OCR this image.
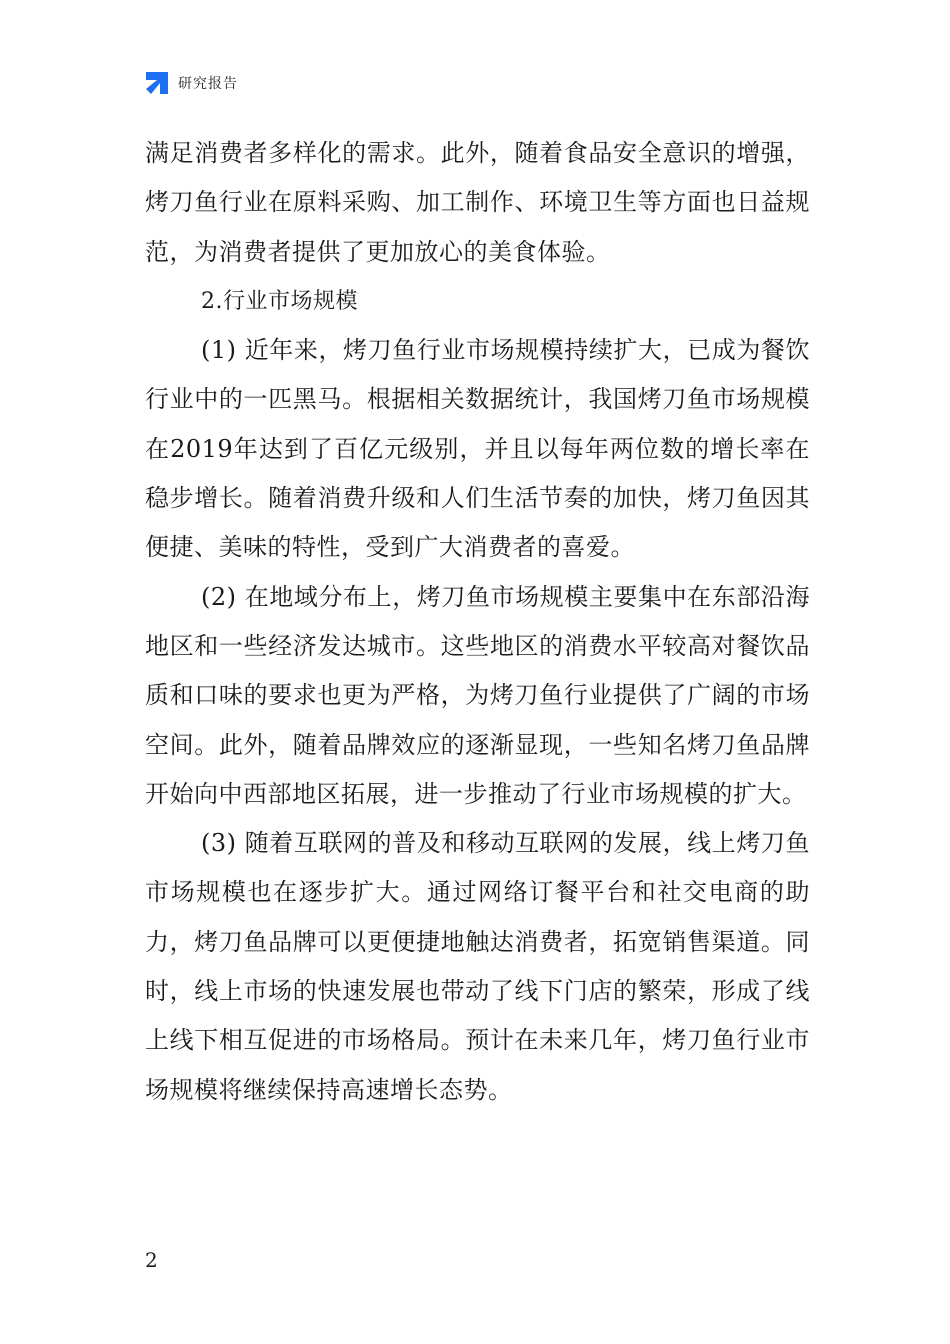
研究报告

满足消费者多样化的需求。此外，随着食品安全意识的增强，烤刀鱼行业在原料采购、加工制作、环境卫生等方面也日益规范，为消费者提供了更加放心的美食体验。

2.行业市场规模

(1) 近年来，烤刀鱼行业市场规模持续扩大，已成为餐饮行业中的一匹黑马。根据相关数据统计，我国烤刀鱼市场规模在2019年达到了百亿元级别，并且以每年两位数的增长率在稳步增长。随着消费升级和人们生活节奏的加快，烤刀鱼因其便捷、美味的特性，受到广大消费者的喜爱。

(2) 在地域分布上，烤刀鱼市场规模主要集中在东部沿海地区和一些经济发达城市。这些地区的消费水平较高对餐饮品质和口味的要求也更为严格，为烤刀鱼行业提供了广阔的市场空间。此外，随着品牌效应的逐渐显现，一些知名烤刀鱼品牌开始向中西部地区拓展，进一步推动了行业市场规模的扩大。

(3) 随着互联网的普及和移动互联网的发展，线上烤刀鱼市场规模也在逐步扩大。通过网络订餐平台和社交电商的助力，烤刀鱼品牌可以更便捷地触达消费者，拓宽销售渠道。同时，线上市场的快速发展也带动了线下门店的繁荣，形成了线上线下相互促进的市场格局。预计在未来几年，烤刀鱼行业市场规模将继续保持高速增长态势。

2
